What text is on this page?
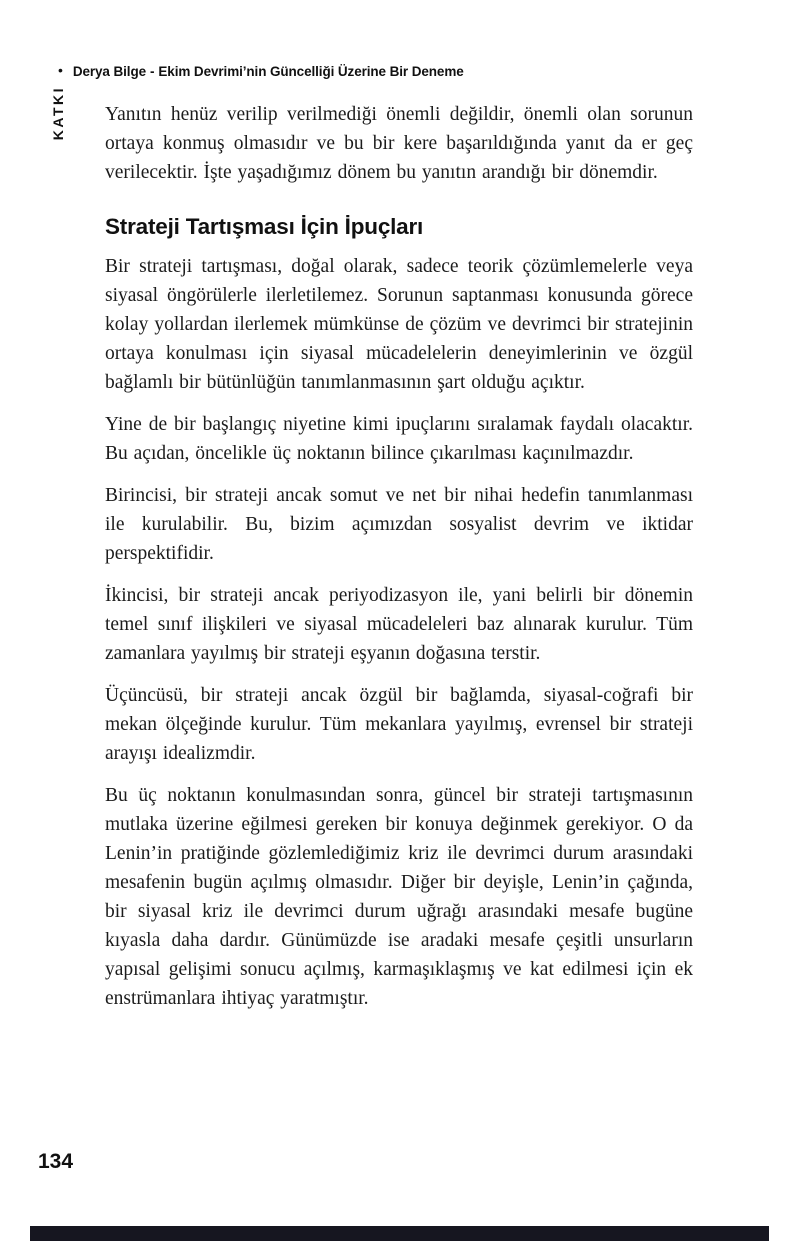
• Derya Bilge - Ekim Devrimi’nin Güncelliği Üzerine Bir Deneme
KATKI Yanıtın henüz verilip verilmediği önemli değildir, önemli olan sorunun ortaya konmuş olmasıdır ve bu bir kere başarıldığında yanıt da er geç verilecektir. İşte yaşadığımız dönem bu yanıtın arandığı bir dönemdir.

Strateji Tartışması İçin İpuçları

Bir strateji tartışması, doğal olarak, sadece teorik çözümlemelerle veya siyasal öngörülerle ilerletilemez. Sorunun saptanması konusunda görece kolay yollardan ilerlemek mümkünse de çözüm ve devrimci bir stratejinin ortaya konulması için siyasal mücadelelerin deneyimlerinin ve özgül bağlamlı bir bütünlüğün tanımlanmasının şart olduğu açıktır.

Yine de bir başlangıç niyetine kimi ipuçlarını sıralamak faydalı olacaktır. Bu açıdan, öncelikle üç noktanın bilince çıkarılması kaçınılmazdır.

Birincisi, bir strateji ancak somut ve net bir nihai hedefin tanımlanması ile kurulabilir. Bu, bizim açımızdan sosyalist devrim ve iktidar perspektifidir.

İkincisi, bir strateji ancak periyodizasyon ile, yani belirli bir dönemin temel sınıf ilişkileri ve siyasal mücadeleleri baz alınarak kurulur. Tüm zamanlara yayılmış bir strateji eşyanın doğasına terstir.

Üçüncüsü, bir strateji ancak özgül bir bağlamda, siyasal-coğrafi bir mekan ölçeğinde kurulur. Tüm mekanlara yayılmış, evrensel bir strateji arayışı idealizmdir.

Bu üç noktanın konulmasından sonra, güncel bir strateji tartışmasının mutlaka üzerine eğilmesi gereken bir konuya değinmek gerekiyor. O da Lenin’in pratiğinde gözlemlediğimiz kriz ile devrimci durum arasındaki mesafenin bugün açılmış olmasıdır. Diğer bir deyişle, Lenin’in çağında, bir siyasal kriz ile devrimci durum uğrağı arasındaki mesafe bugüne kıyasla daha dardır. Günümüzde ise aradaki mesafe çeşitli unsurların yapısal gelişimi sonucu açılmış, karmaşıklaşmış ve kat edilmesi için ek enstrümanlara ihtiyaç yaratmıştır.

134
